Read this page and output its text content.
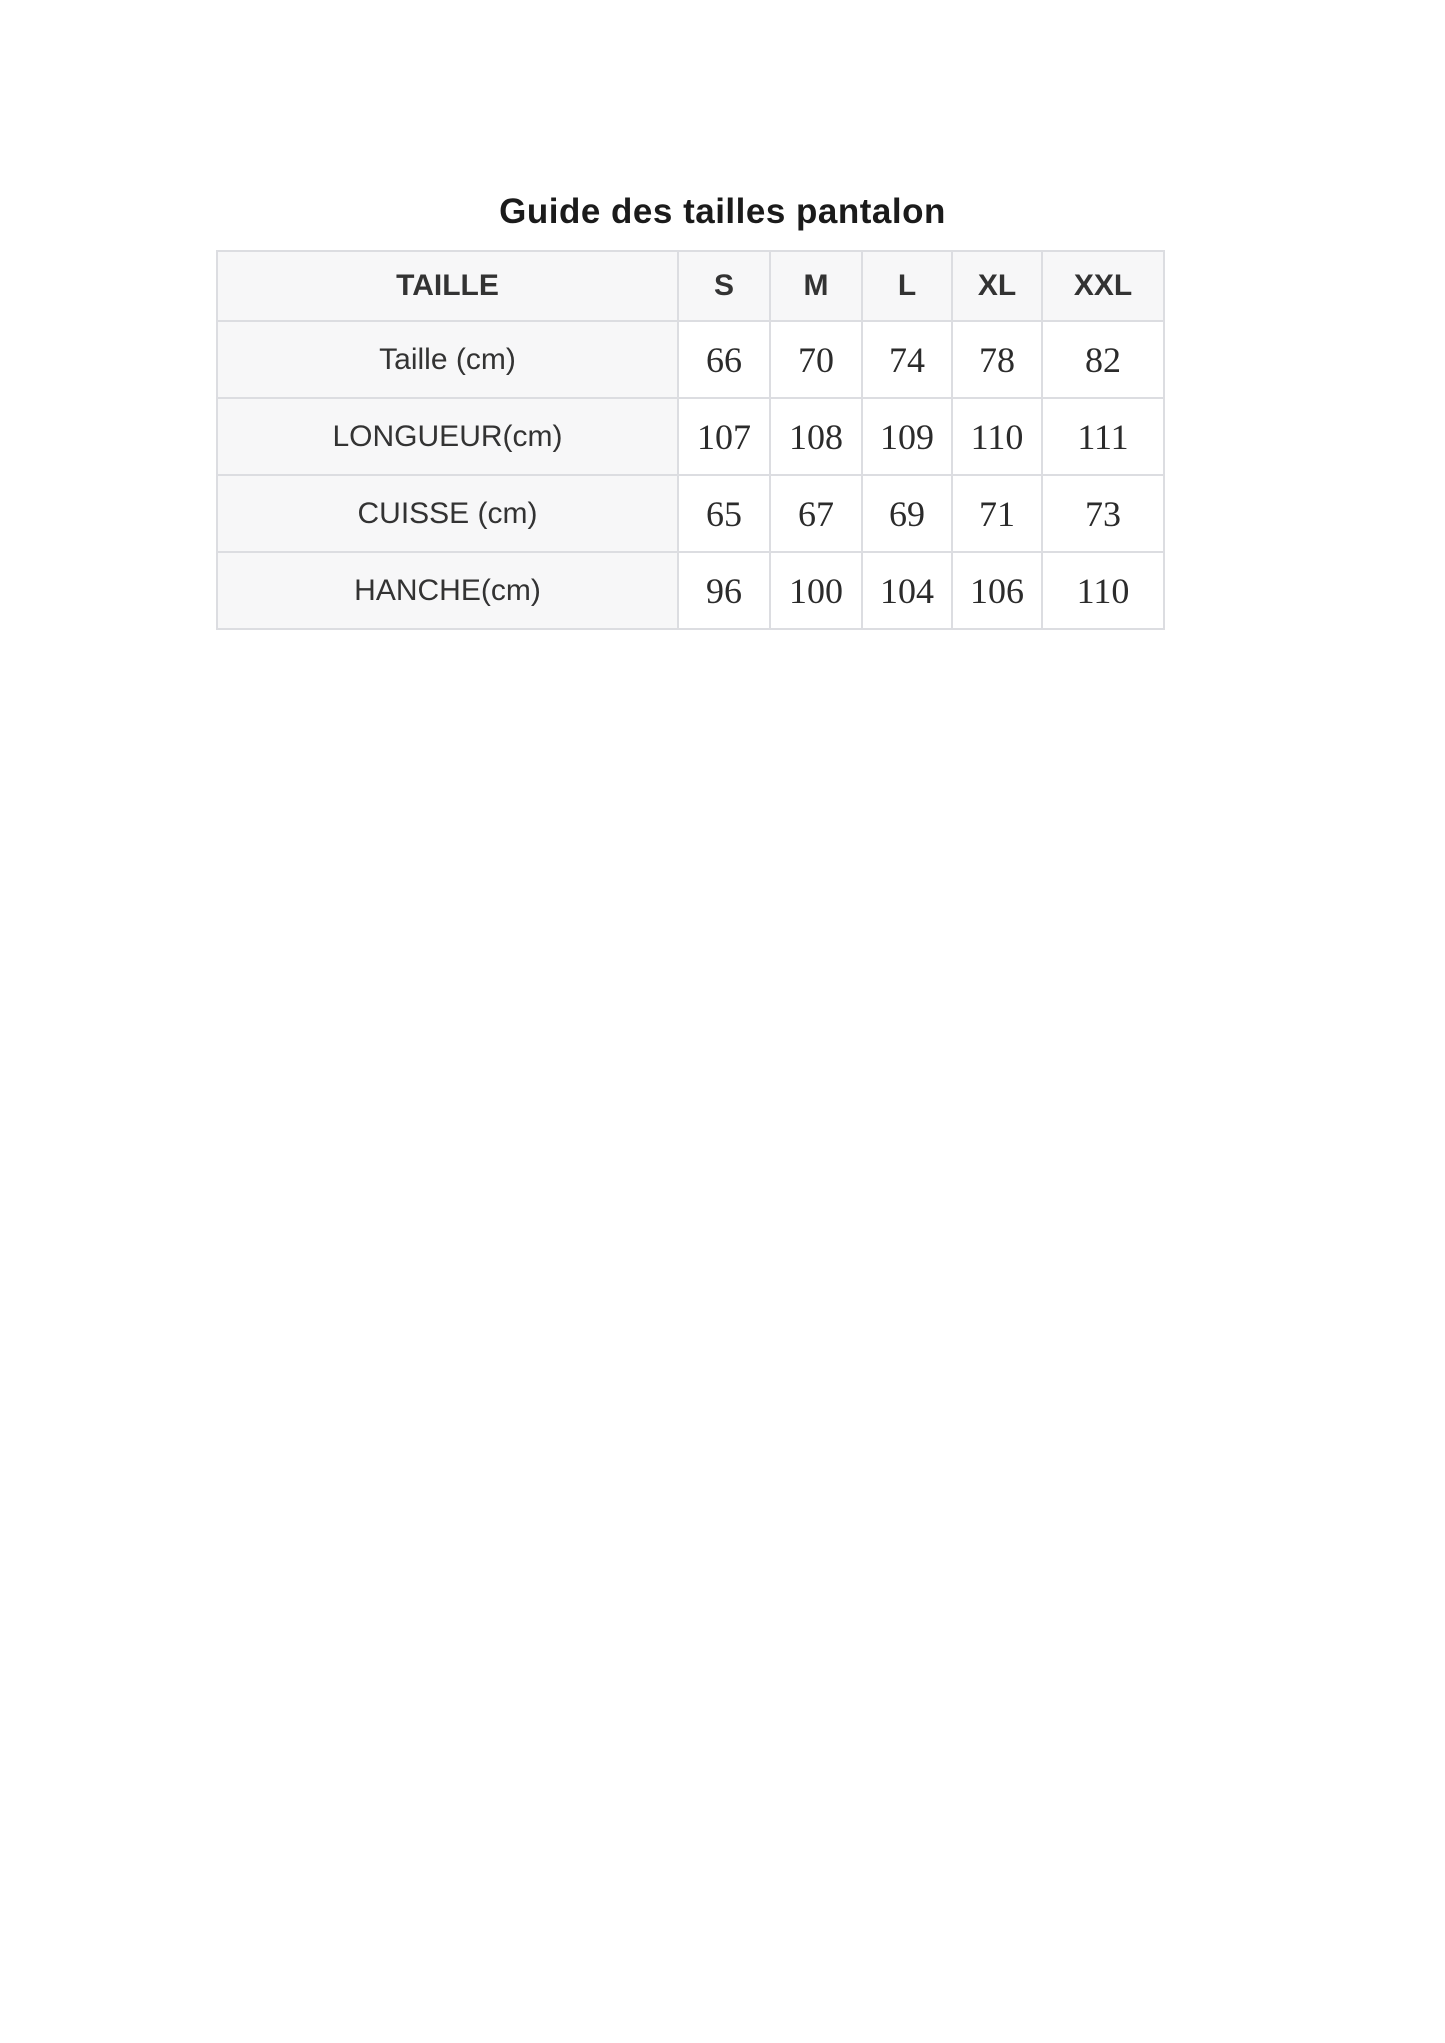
Guide des tailles pantalon
TAILLE	S	M	L	XL	XXL
Taille (cm)	66	70	74	78	82
LONGUEUR(cm)	107	108	109	110	111
CUISSE (cm)	65	67	69	71	73
HANCHE(cm)	96	100	104	106	110
